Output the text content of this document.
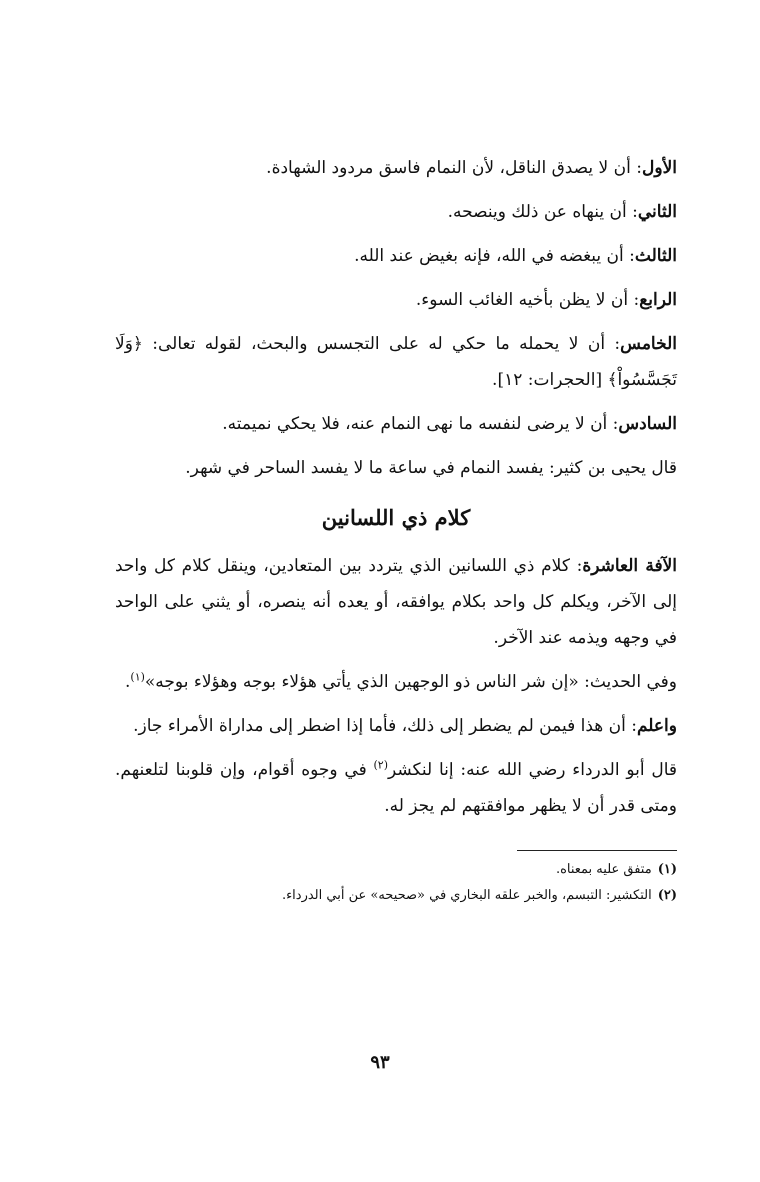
الأول: أن لا يصدق الناقل، لأن النمام فاسق مردود الشهادة.

الثاني: أن ينهاه عن ذلك وينصحه.

الثالث: أن يبغضه في الله، فإنه بغيض عند الله.

الرابع: أن لا يظن بأخيه الغائب السوء.

الخامس: أن لا يحمله ما حكي له على التجسس والبحث، لقوله تعالى: ﴿وَلَا تَجَسَّسُواْ﴾ [الحجرات: ١٢].

السادس: أن لا يرضى لنفسه ما نهى النمام عنه، فلا يحكي نميمته.

قال يحيى بن كثير: يفسد النمام في ساعة ما لا يفسد الساحر في شهر.

كلام ذي اللسانين

الآفة العاشرة: كلام ذي اللسانين الذي يتردد بين المتعادين، وينقل كلام كل واحد إلى الآخر، ويكلم كل واحد بكلام يوافقه، أو يعده أنه ينصره، أو يثني على الواحد في وجهه ويذمه عند الآخر.

وفي الحديث: «إن شر الناس ذو الوجهين الذي يأتي هؤلاء بوجه وهؤلاء بوجه»$^{(١)}$.

واعلم: أن هذا فيمن لم يضطر إلى ذلك، فأما إذا اضطر إلى مداراة الأمراء جاز.

قال أبو الدرداء رضي الله عنه: إنا لنكشر$^{(٢)}$ في وجوه أقوام، وإن قلوبنا لتلعنهم. ومتى قدر أن لا يظهر موافقتهم لم يجز له.

(١)متفق عليه بمعناه.

(٢)التكشير: التبسم، والخبر علقه البخاري في «صحيحه» عن أبي الدرداء.

٩٣
